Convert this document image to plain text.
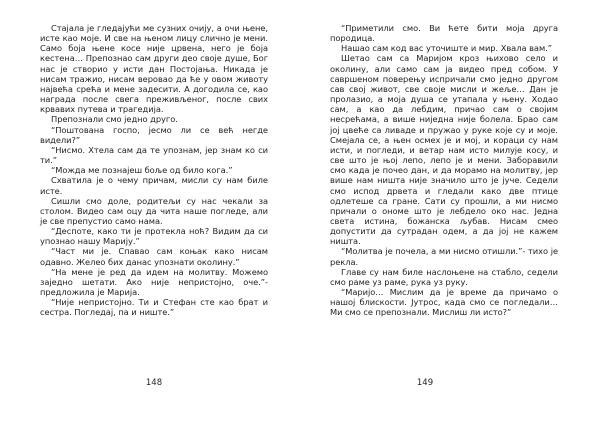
Стајала је гледајући ме сузних очију, а очи њене, исте као моје. И све на њеном лицу слично је мени. Само боја њене косе није црвена, него је боја кестена… Препознао сам други део своје душе, Бог нас је створио у исти дан Постојања. Никада је нисам тражио, нисам веровао да ће у овом животу највећа срећа и мене задесити. А догодила се, као награда после свега преживљеног, после свих крвавих путева и трагедија.

Препознали смо једно друго.

“Поштована госпо, јесмо ли се већ негде видели?”

“Нисмо. Хтела сам да те упознам, јер знам ко си ти.”

“Можда ме познајеш боље од било кога.”

Схватила је о чему причам, мисли су нам биле исте.

Сишли смо доле, родитељи су нас чекали за столом. Видео сам оцу да чита наше погледе, али је све препустио само нама.

“Деспоте, како ти је протекла ноћ? Видим да си упознао нашу Марију.”

“Част ми је. Спавао сам коњак како нисам одавно. Желео бих данас упознати околину.”

“На мене је ред да идем на молитву. Можемо заједно шетати. Ако није непристојно, оче.”- предложила је Марија.

“Није непристојно. Ти и Стефан сте као брат и сестра. Погледај, па и ниште.”

148

“Приметили смо. Ви ћете бити моја друга породица.

Нашао сам код вас уточиште и мир. Хвала вам.”

Шетао сам са Маријом кроз њихово село и околину, али само сам ја видео пред собом. У савршеном поверењу испричали смо једно другом сав свој живот, све своје мисли и жеље… Дан је пролазио, а моја душа се утапала у њену. Ходао сам, а као да лебдим, причао сам о својим несрећама, а више ниједна није болела. Брао сам јој цвеће са ливаде и пружао у руке које су и моје. Смејала се, а њен осмех је и мој, и кораци су нам исти, и погледи, и ветар нам исто милује косу, и све што је њој лепо, лепо је и мени. Заборавили смо када је почео дан, и да морамо на молитву, јер више нам ништа није значило што је јуче. Седели смо испод дрвета и гледали како две птице одлетеше са гране. Сати су прошли, а ми нисмо причали о ономе што је лебдело око нас. Једна света истина, божанска љубав. Нисам смео допустити да сутрадан одем, а да јој не кажем ништа.

“Молитва је почела, а ми нисмо отишли.”- тихо је рекла.

Главе су нам биле наслоњене на стабло, седели смо раме уз раме, рука уз руку.

“Маријо… Мислим да је време да причамо о нашој блискости. Јутрос, када смо се погледали… Ми смо се препознали. Мислиш ли исто?”

149
